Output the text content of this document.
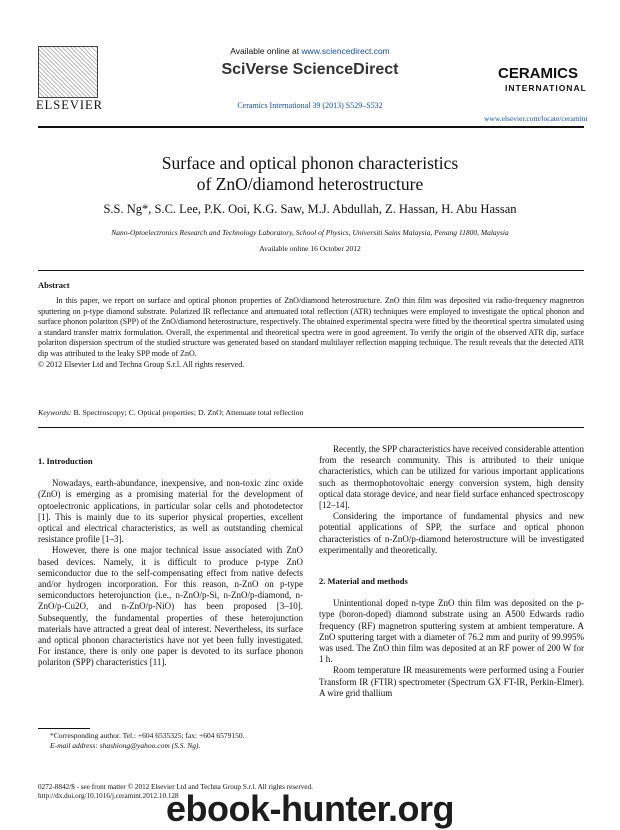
ELSEVIER
Available online at www.sciencedirect.com
SciVerse ScienceDirect
Ceramics International 39 (2013) S529–S532
CERAMICS
INTERNATIONAL
www.elsevier.com/locate/ceramint
Surface and optical phonon characteristics
of ZnO/diamond heterostructure
S.S. Ng*, S.C. Lee, P.K. Ooi, K.G. Saw, M.J. Abdullah, Z. Hassan, H. Abu Hassan
Nano-Optoelectronics Research and Technology Laboratory, School of Physics, Universiti Sains Malaysia, Penang 11800, Malaysia
Available online 16 October 2012
Abstract

In this paper, we report on surface and optical phonon properties of ZnO/diamond heterostructure. ZnO thin film was deposited via radio-frequency magnetron sputtering on p-type diamond substrate. Polarized IR reflectance and attenuated total reflection (ATR) techniques were employed to investigate the optical phonon and surface phonon polariton (SPP) of the ZnO/diamond heterostructure, respectively. The obtained experimental spectra were fitted by the theoretical spectra simulated using a standard transfer matrix formulation. Overall, the experimental and theoretical spectra were in good agreement. To verify the origin of the observed ATR dip, surface polariton dispersion spectrum of the studied structure was generated based on standard multilayer reflection mapping technique. The result reveals that the detected ATR dip was attributed to the leaky SPP mode of ZnO.

© 2012 Elsevier Ltd and Techna Group S.r.l. All rights reserved.

Keywords: B. Spectroscopy; C. Optical properties; D. ZnO; Attenuate total reflection
1. Introduction

Nowadays, earth-abundance, inexpensive, and non-toxic zinc oxide (ZnO) is emerging as a promising material for the development of optoelectronic applications, in particular solar cells and photodetector [1]. This is mainly due to its superior physical properties, excellent optical and electrical characteristics, as well as outstanding chemical resistance profile [1–3].

However, there is one major technical issue associated with ZnO based devices. Namely, it is difficult to produce p-type ZnO semiconductor due to the self-compensating effect from native defects and/or hydrogen incorporation. For this reason, n-ZnO on p-type semiconductors heterojunction (i.e., n-ZnO/p-Si, n-ZnO/p-diamond, n-ZnO/p-Cu2O, and n-ZnO/p-NiO) has been proposed [3–10]. Subsequently, the fundamental properties of these heterojunction materials have attracted a great deal of interest. Nevertheless, its surface and optical phonon characteristics have not yet been fully investigated. For instance, there is only one paper is devoted to its surface phonon polariton (SPP) characteristics [11].

*Corresponding author. Tel.: +604 6535325; fax: +604 6579150.
E-mail address: shashiong@yahoo.com (S.S. Ng).

Recently, the SPP characteristics have received considerable attention from the research community. This is attributed to their unique characteristics, which can be utilized for various important applications such as thermophotovoltaic energy conversion system, high density optical data storage device, and near field surface enhanced spectroscopy [12–14].

Considering the importance of fundamental physics and new potential applications of SPP, the surface and optical phonon characteristics of n-ZnO/p-diamond heterostructure will be investigated experimentally and theoretically.

2. Material and methods

Unintentional doped n-type ZnO thin film was deposited on the p-type (boron-doped) diamond substrate using an A500 Edwards radio frequency (RF) magnetron sputtering system at ambient temperature. A ZnO sputtering target with a diameter of 76.2 mm and purity of 99.995% was used. The ZnO thin film was deposited at an RF power of 200 W for 1 h.

Room temperature IR measurements were performed using a Fourier Transform IR (FTIR) spectrometer (Spectrum GX FT-IR, Perkin-Elmer). A wire grid thallium

0272-8842/$ - see front matter © 2012 Elsevier Ltd and Techna Group S.r.l. All rights reserved.
http://dx.doi.org/10.1016/j.ceramint.2012.10.128
ebook-hunter.org
